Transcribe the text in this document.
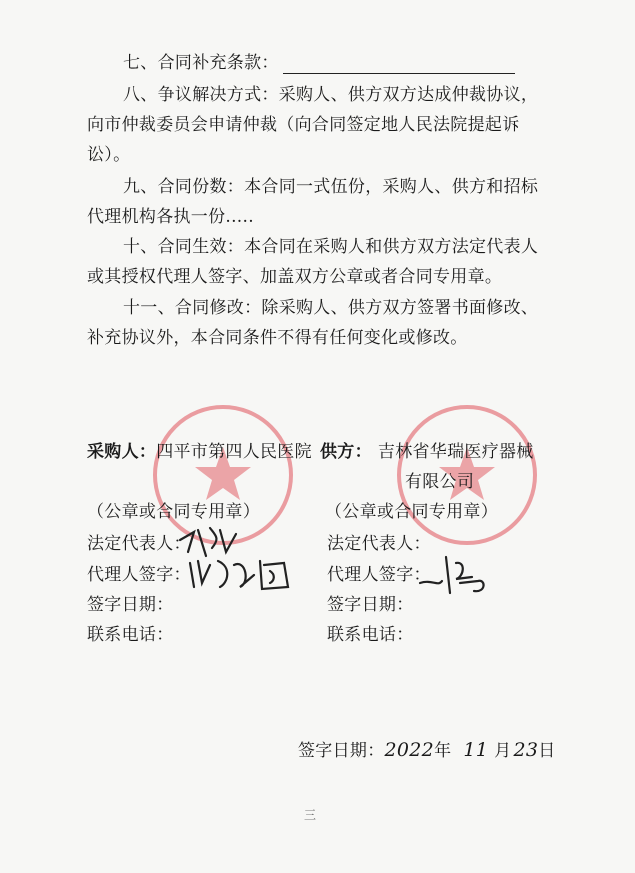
七、合同补充条款：
八、争议解决方式：采购人、供方双方达成仲裁协议，
向市仲裁委员会申请仲裁（向合同签定地人民法院提起诉
讼）。
九、合同份数：本合同一式伍份，采购人、供方和招标
代理机构各执一份.....
十、合同生效：本合同在采购人和供方双方法定代表人
或其授权代理人签字、加盖双方公章或者合同专用章。
十一、合同修改：除采购人、供方双方签署书面修改、
补充协议外，本合同条件不得有任何变化或修改。
采购人：四平市第四人民医院
（公章或合同专用章）
法定代表人：
代理人签字：
签字日期：
联系电话：
供方： 吉林省华瑞医疗器械
有限公司
（公章或合同专用章）
法定代表人：
代理人签字：
签字日期：
联系电话：
签字日期：2022年 11 月 23日
三
